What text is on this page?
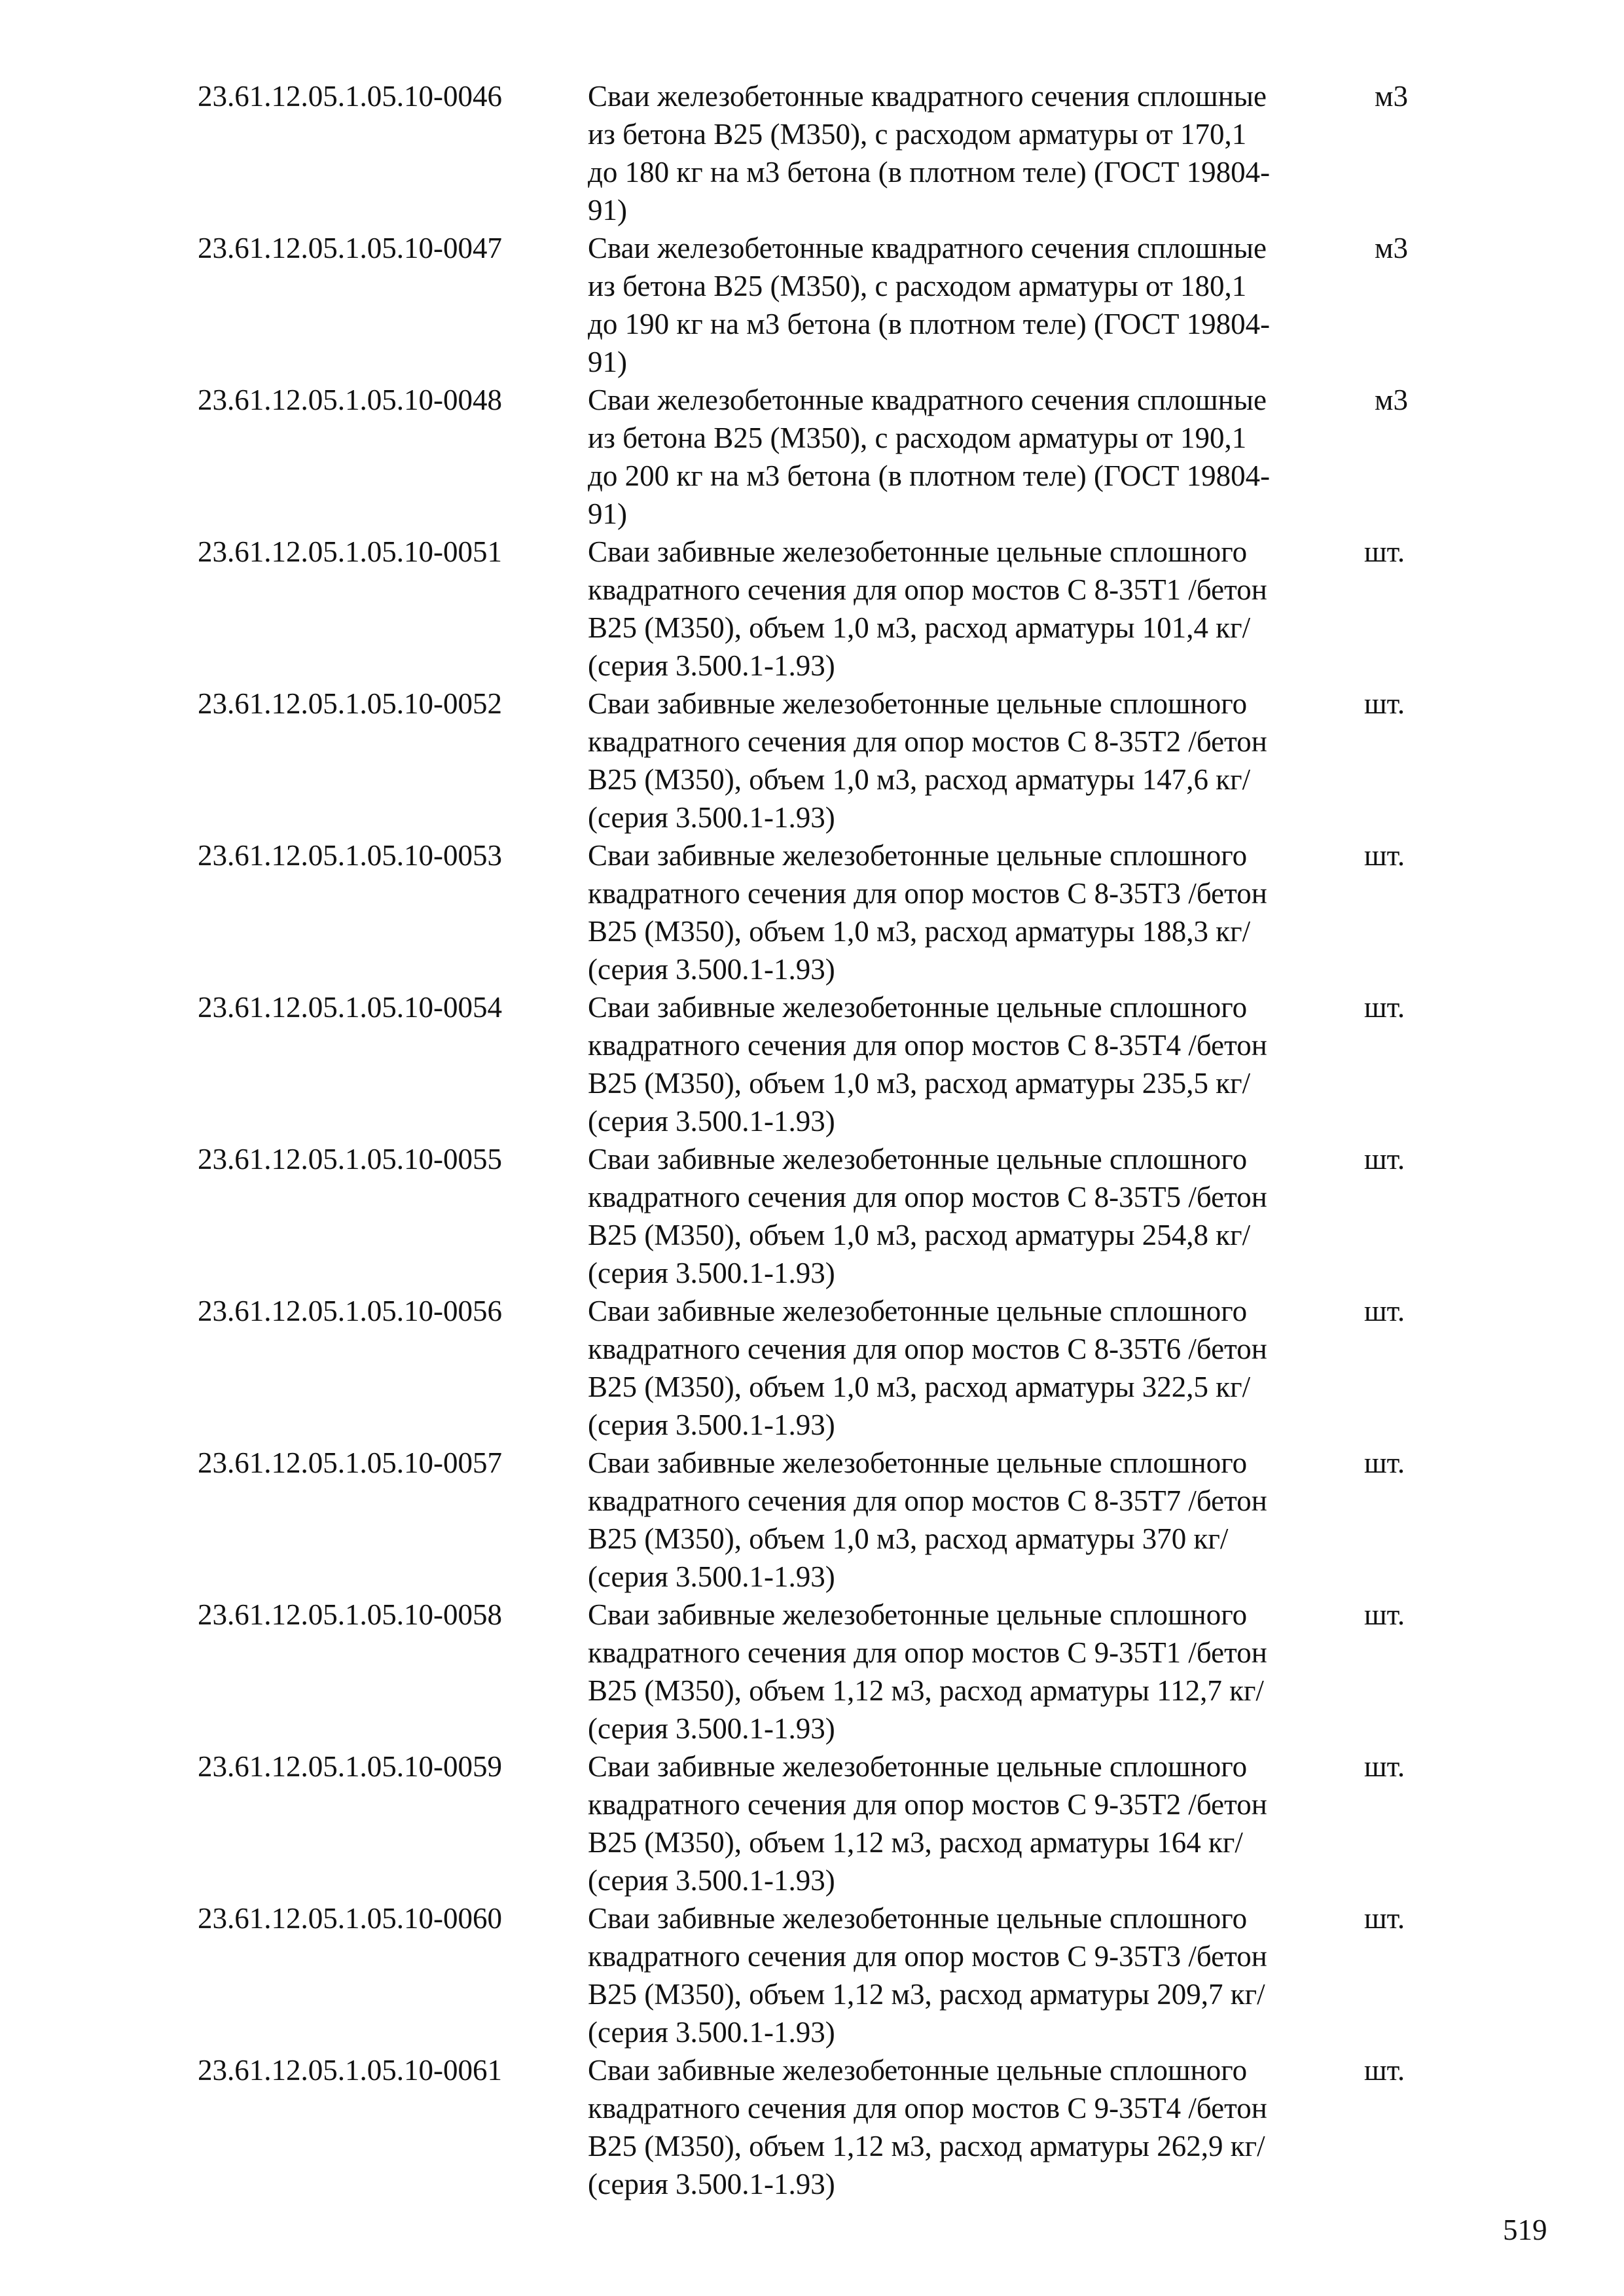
23.61.12.05.1.05.10-0046	Сваи железобетонные квадратного сечения сплошные
из бетона В25 (М350), с расходом арматуры от 170,1
до 180 кг на м3 бетона (в плотном теле) (ГОСТ 19804-
91)
м3
23.61.12.05.1.05.10-0047	Сваи железобетонные квадратного сечения сплошные
из бетона В25 (М350), с расходом арматуры от 180,1
до 190 кг на м3 бетона (в плотном теле) (ГОСТ 19804-
91)
м3
23.61.12.05.1.05.10-0048	Сваи железобетонные квадратного сечения сплошные
из бетона В25 (М350), с расходом арматуры от 190,1
до 200 кг на м3 бетона (в плотном теле) (ГОСТ 19804-
91)
м3
23.61.12.05.1.05.10-0051	Сваи забивные железобетонные цельные сплошного
квадратного сечения для опор мостов С 8-35Т1 /бетон
В25 (М350), объем 1,0 м3, расход арматуры 101,4 кг/
(серия 3.500.1-1.93)
шт.
23.61.12.05.1.05.10-0052	Сваи забивные железобетонные цельные сплошного
квадратного сечения для опор мостов С 8-35Т2 /бетон
В25 (М350), объем 1,0 м3, расход арматуры 147,6 кг/
(серия 3.500.1-1.93)
шт.
23.61.12.05.1.05.10-0053	Сваи забивные железобетонные цельные сплошного
квадратного сечения для опор мостов С 8-35Т3 /бетон
В25 (М350), объем 1,0 м3, расход арматуры 188,3 кг/
(серия 3.500.1-1.93)
шт.
23.61.12.05.1.05.10-0054	Сваи забивные железобетонные цельные сплошного
квадратного сечения для опор мостов С 8-35Т4 /бетон
В25 (М350), объем 1,0 м3, расход арматуры 235,5 кг/
(серия 3.500.1-1.93)
шт.
23.61.12.05.1.05.10-0055	Сваи забивные железобетонные цельные сплошного
квадратного сечения для опор мостов С 8-35Т5 /бетон
В25 (М350), объем 1,0 м3, расход арматуры 254,8 кг/
(серия 3.500.1-1.93)
шт.
23.61.12.05.1.05.10-0056	Сваи забивные железобетонные цельные сплошного
квадратного сечения для опор мостов С 8-35Т6 /бетон
В25 (М350), объем 1,0 м3, расход арматуры 322,5 кг/
(серия 3.500.1-1.93)
шт.
23.61.12.05.1.05.10-0057	Сваи забивные железобетонные цельные сплошного
квадратного сечения для опор мостов С 8-35Т7 /бетон
В25 (М350), объем 1,0 м3, расход арматуры 370 кг/
(серия 3.500.1-1.93)
шт.
23.61.12.05.1.05.10-0058	Сваи забивные железобетонные цельные сплошного
квадратного сечения для опор мостов С 9-35Т1 /бетон
В25 (М350), объем 1,12 м3, расход арматуры 112,7 кг/
(серия 3.500.1-1.93)
шт.
23.61.12.05.1.05.10-0059	Сваи забивные железобетонные цельные сплошного
квадратного сечения для опор мостов С 9-35Т2 /бетон
В25 (М350), объем 1,12 м3, расход арматуры 164 кг/
(серия 3.500.1-1.93)
шт.
23.61.12.05.1.05.10-0060	Сваи забивные железобетонные цельные сплошного
квадратного сечения для опор мостов С 9-35Т3 /бетон
В25 (М350), объем 1,12 м3, расход арматуры 209,7 кг/
(серия 3.500.1-1.93)
шт.
23.61.12.05.1.05.10-0061	Сваи забивные железобетонные цельные сплошного
квадратного сечения для опор мостов С 9-35Т4 /бетон
В25 (М350), объем 1,12 м3, расход арматуры 262,9 кг/
(серия 3.500.1-1.93)
шт.
519
